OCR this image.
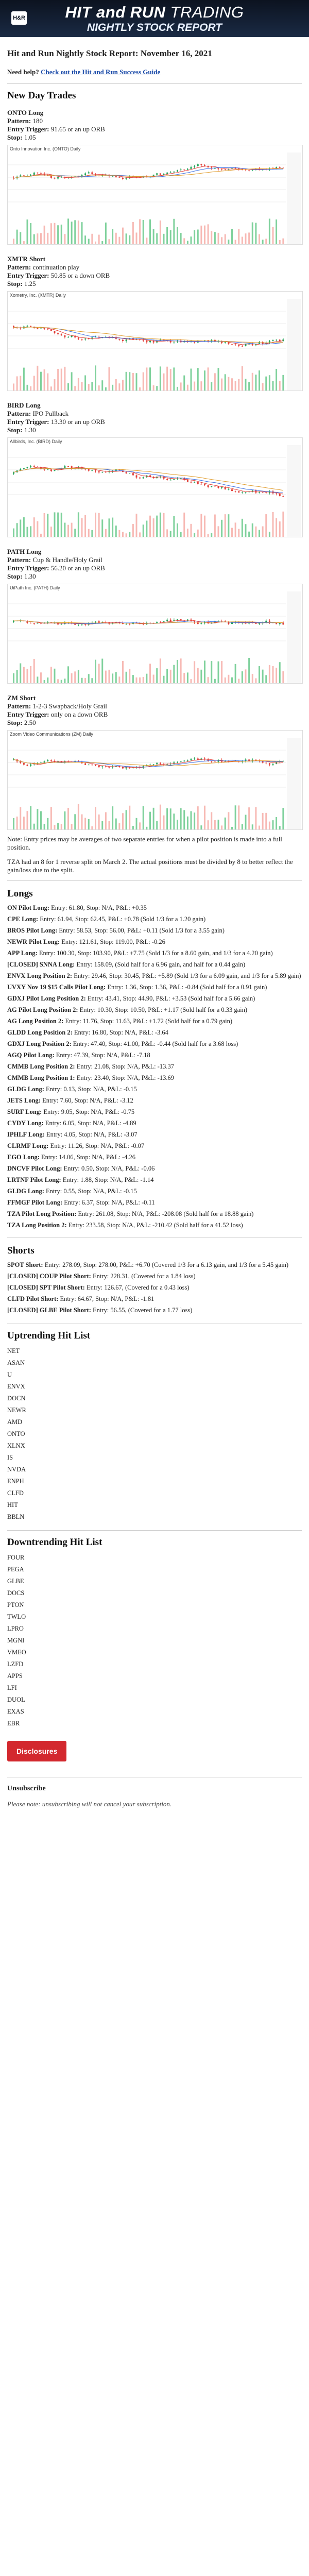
H&R	HIT and RUN TRADING
NIGHTLY STOCK REPORT
Hit and Run Nightly Stock Report: November 16, 2021
Need help? Check out the Hit and Run Success Guide
New Day Trades
ONTO Long
Pattern: 180
Entry Trigger: 91.65 or an up ORB
Stop: 1.05
Onto Innovation Inc. (ONTO) Daily
XMTR Short
Pattern: continuation play
Entry Trigger: 50.85 or a down ORB
Stop: 1.25
Xometry, Inc. (XMTR) Daily
BIRD Long
Pattern: IPO Pullback
Entry Trigger: 13.30 or an up ORB
Stop: 1.30
Allbirds, Inc. (BIRD) Daily
PATH Long
Pattern: Cup & Handle/Holy Grail
Entry Trigger: 56.20 or an up ORB
Stop: 1.30
UiPath Inc. (PATH) Daily
ZM Short
Pattern: 1-2-3 Swapback/Holy Grail
Entry Trigger: only on a down ORB
Stop: 2.50
Zoom Video Communications (ZM) Daily
Note: Entry prices may be averages of two separate entries for when a pilot position is made into a full position.
TZA had an 8 for 1 reverse split on March 2. The actual positions must be divided by 8 to better reflect the gain/loss due to the split.
Longs
ON Pilot Long: Entry: 61.80, Stop: N/A, P&L: +0.35
CPE Long: Entry: 61.94, Stop: 62.45, P&L: +0.78 (Sold 1/3 for a 1.20 gain)
BROS Pilot Long: Entry: 58.53, Stop: 56.00, P&L: +0.11 (Sold 1/3 for a 3.55 gain)
NEWR Pilot Long: Entry: 121.61, Stop: 119.00, P&L: -0.26
APP Long: Entry: 100.30, Stop: 103.90, P&L: +7.75 (Sold 1/3 for a 8.60 gain, and 1/3 for a 4.20 gain)
[CLOSED] SNNA Long: Entry: 158.09, (Sold half for a 6.96 gain, and half for a 0.44 gain)
ENVX Long Position 2: Entry: 29.46, Stop: 30.45, P&L: +5.89 (Sold 1/3 for a 6.09 gain, and 1/3 for a 5.89 gain)
UVXY Nov 19 $15 Calls Pilot Long: Entry: 1.36, Stop: 1.36, P&L: -0.84 (Sold half for a 0.91 gain)
GDXJ Pilot Long Position 2: Entry: 43.41, Stop: 44.90, P&L: +3.53 (Sold half for a 5.66 gain)
AG Pilot Long Position 2: Entry: 10.30, Stop: 10.50, P&L: +1.17 (Sold half for a 0.33 gain)
AG Long Position 2: Entry: 11.76, Stop: 11.63, P&L: +1.72 (Sold half for a 0.79 gain)
GLDD Long Position 2: Entry: 16.80, Stop: N/A, P&L: -3.64
GDXJ Long Position 2: Entry: 47.40, Stop: 41.00, P&L: -0.44 (Sold half for a 3.68 loss)
AGQ Pilot Long: Entry: 47.39, Stop: N/A, P&L: -7.18
CMMB Long Position 2: Entry: 21.08, Stop: N/A, P&L: -13.37
CMMB Long Position 1: Entry: 23.40, Stop: N/A, P&L: -13.69
GLDG Long: Entry: 0.13, Stop: N/A, P&L: -0.15
JETS Long: Entry: 7.60, Stop: N/A, P&L: -3.12
SURF Long: Entry: 9.05, Stop: N/A, P&L: -0.75
CYDY Long: Entry: 6.05, Stop: N/A, P&L: -4.89
IPHLF Long: Entry: 4.05, Stop: N/A, P&L: -3.07
CLRMF Long: Entry: 11.26, Stop: N/A, P&L: -0.07
EGO Long: Entry: 14.06, Stop: N/A, P&L: -4.26
DNCVF Pilot Long: Entry: 0.50, Stop: N/A, P&L: -0.06
LRTNF Pilot Long: Entry: 1.88, Stop: N/A, P&L: -1.14
GLDG Long: Entry: 0.55, Stop: N/A, P&L: -0.15
FFMGF Pilot Long: Entry: 6.37, Stop: N/A, P&L: -0.11
TZA Pilot Long Position: Entry: 261.08, Stop: N/A, P&L: -208.08 (Sold half for a 18.88 gain)
TZA Long Position 2: Entry: 233.58, Stop: N/A, P&L: -210.42 (Sold half for a 41.52 loss)
Shorts
SPOT Short: Entry: 278.09, Stop: 278.00, P&L: +6.70 (Covered 1/3 for a 6.13 gain, and 1/3 for a 5.45 gain)
[CLOSED] COUP Pilot Short: Entry: 228.31, (Covered for a 1.84 loss)
[CLOSED] SPT Pilot Short: Entry: 126.67, (Covered for a 0.43 loss)
CLFD Pilot Short: Entry: 64.67, Stop: N/A, P&L: -1.81
[CLOSED] GLBE Pilot Short: Entry: 56.55, (Covered for a 1.77 loss)
Uptrending Hit List
NET
ASAN
U
ENVX
DOCN
NEWR
AMD
ONTO
XLNX
IS
NVDA
ENPH
CLFD
HIT
BBLN
Downtrending Hit List
FOUR
PEGA
GLBE
DOCS
PTON
TWLO
LPRO
MGNI
VMEO
LZFD
APPS
LFI
DUOL
EXAS
EBR
Disclosures
Unsubscribe
Please note: unsubscribing will not cancel your subscription.
